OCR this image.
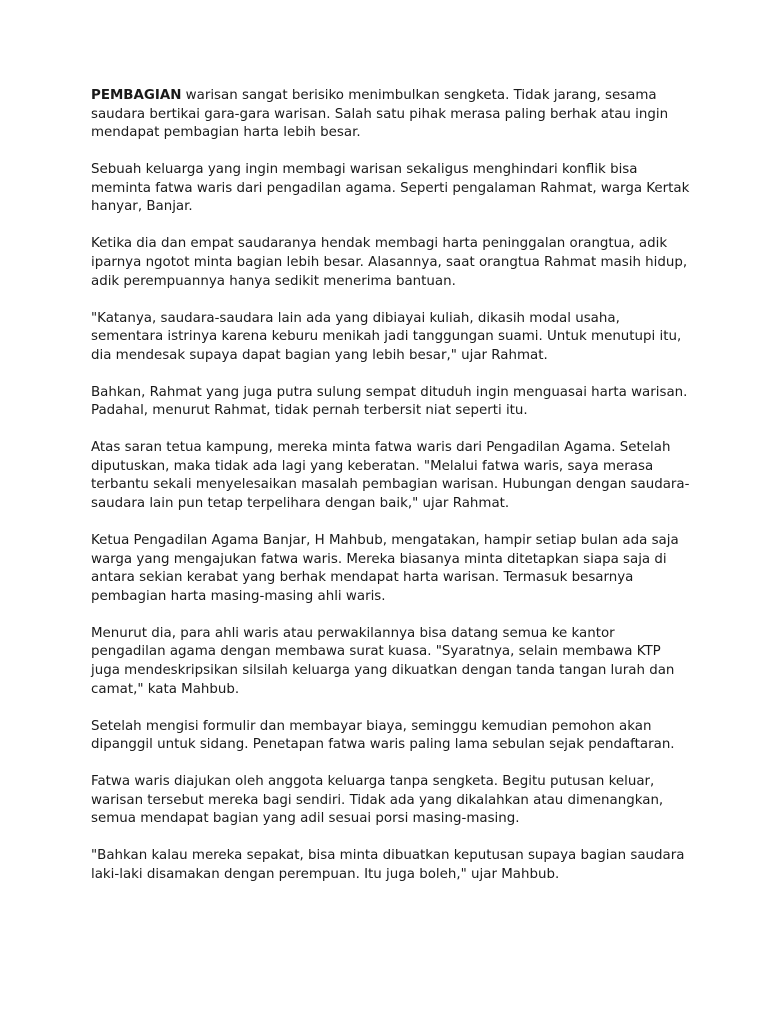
PEMBAGIAN warisan sangat berisiko menimbulkan sengketa. Tidak jarang, sesama saudara bertikai gara-gara warisan. Salah satu pihak merasa paling berhak atau ingin mendapat pembagian harta lebih besar.

Sebuah keluarga yang ingin membagi warisan sekaligus menghindari konflik bisa meminta fatwa waris dari pengadilan agama. Seperti pengalaman Rahmat, warga Kertak hanyar, Banjar.

Ketika dia dan empat saudaranya hendak membagi harta peninggalan orangtua, adik iparnya ngotot minta bagian lebih besar. Alasannya, saat orangtua Rahmat masih hidup, adik perempuannya hanya sedikit menerima bantuan.

"Katanya, saudara-saudara lain ada yang dibiayai kuliah, dikasih modal usaha, sementara istrinya karena keburu menikah jadi tanggungan suami. Untuk menutupi itu, dia mendesak supaya dapat bagian yang lebih besar," ujar Rahmat.

Bahkan, Rahmat yang juga putra sulung sempat dituduh ingin menguasai harta warisan. Padahal, menurut Rahmat, tidak pernah terbersit niat seperti itu.

Atas saran tetua kampung, mereka minta fatwa waris dari Pengadilan Agama. Setelah diputuskan, maka tidak ada lagi yang keberatan. "Melalui fatwa waris, saya merasa terbantu sekali menyelesaikan masalah pembagian warisan. Hubungan dengan saudara- saudara lain pun tetap terpelihara dengan baik," ujar Rahmat.

Ketua Pengadilan Agama Banjar, H Mahbub, mengatakan, hampir setiap bulan ada saja warga yang mengajukan fatwa waris. Mereka biasanya minta ditetapkan siapa saja di antara sekian kerabat yang berhak mendapat harta warisan. Termasuk besarnya pembagian harta masing-masing ahli waris.

Menurut dia, para ahli waris atau perwakilannya bisa datang semua ke kantor pengadilan agama dengan membawa surat kuasa. "Syaratnya, selain membawa KTP juga mendeskripsikan silsilah keluarga yang dikuatkan dengan tanda tangan lurah dan camat," kata Mahbub.

Setelah mengisi formulir dan membayar biaya, seminggu kemudian pemohon akan dipanggil untuk sidang. Penetapan fatwa waris paling lama sebulan sejak pendaftaran.

Fatwa waris diajukan oleh anggota keluarga tanpa sengketa. Begitu putusan keluar, warisan tersebut mereka bagi sendiri. Tidak ada yang dikalahkan atau dimenangkan, semua mendapat bagian yang adil sesuai porsi masing-masing.

"Bahkan kalau mereka sepakat, bisa minta dibuatkan keputusan supaya bagian saudara laki-laki disamakan dengan perempuan. Itu juga boleh," ujar Mahbub.
